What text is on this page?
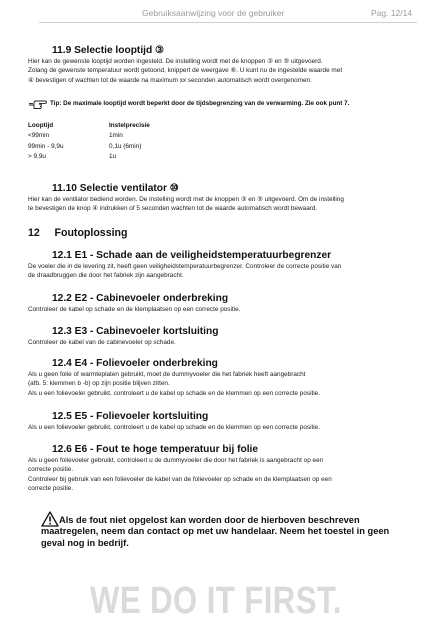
Gebruiksaanwijzing voor de gebruiker	Pag. 12/14
11.9 Selectie looptijd ③
Hier kan de gewenste looptijd worden ingesteld. De instelling wordt met de knoppen ③ en ⑤ uitgevoerd.
Zolang de gewenste temperatuur wordt getoond, knippert de weergave ⑥. U kunt nu de ingestelde waarde met
④ bevestigen of wachten tot de waarde na maximum xx seconden automatisch wordt overgenomen.
Tip: De maximale looptijd wordt beperkt door de tijdsbegrenzing van de verwarming. Zie ook punt 7.
Looptijd	Instelprecisie
<99min	1min
99min - 9,9u	0,1u (6min)
> 9,9u	1u
11.10 Selectie ventilator ⑩
Hier kan de ventilator bediend worden. De instelling wordt met de knoppen ③ en ⑤ uitgevoerd. Om de instelling
te bevestigen de knop ④ indrukken of 5 seconden wachten tot de waarde automatisch wordt bewaard.
12     Foutoplossing
12.1 E1 - Schade aan de veiligheidstemperatuurbegrenzer
De voeler die in de levering zit, heeft geen veiligheidstemperatuurbegrenzer. Controleer de correcte positie van
de draadbruggen die door het fabriek zijn aangebracht.
12.2 E2 - Cabinevoeler onderbreking
Controleer de kabel op schade en de klemplaatsen op een correcte positie.
12.3 E3 - Cabinevoeler kortsluiting
Controleer de kabel van de cabinevoeler op schade.
12.4 E4 - Folievoeler onderbreking
Als u geen folie of warmteplaten gebruikt, moet de dummyvoeler die het fabriek heeft aangebracht
(afb. 5: klemmen b -b) op zijn positie blijven zitten.
Als u een folievoeler gebruikt, controleert u de kabel op schade en de klemmen op een correcte positie.
12.5 E5 - Folievoeler kortsluiting
Als u een folievoeler gebruikt, controleert u de kabel op schade en de klemmen op een correcte positie.
12.6 E6 - Fout te hoge temperatuur bij folie
Als u geen folievoeler gebruikt, controleert u de dummyvoeler die door het fabriek is aangebracht op een
correcte positie.
Controleer bij gebruik van een folievoeler de kabel van de folievoeler op schade en de klemplaatsen op een
correcte positie.
Als de fout niet opgelost kan worden door de hierboven beschreven
maatregelen, neem dan contact op met uw handelaar. Neem het toestel in geen
geval nog in bedrijf.
WE DO IT FIRST.
